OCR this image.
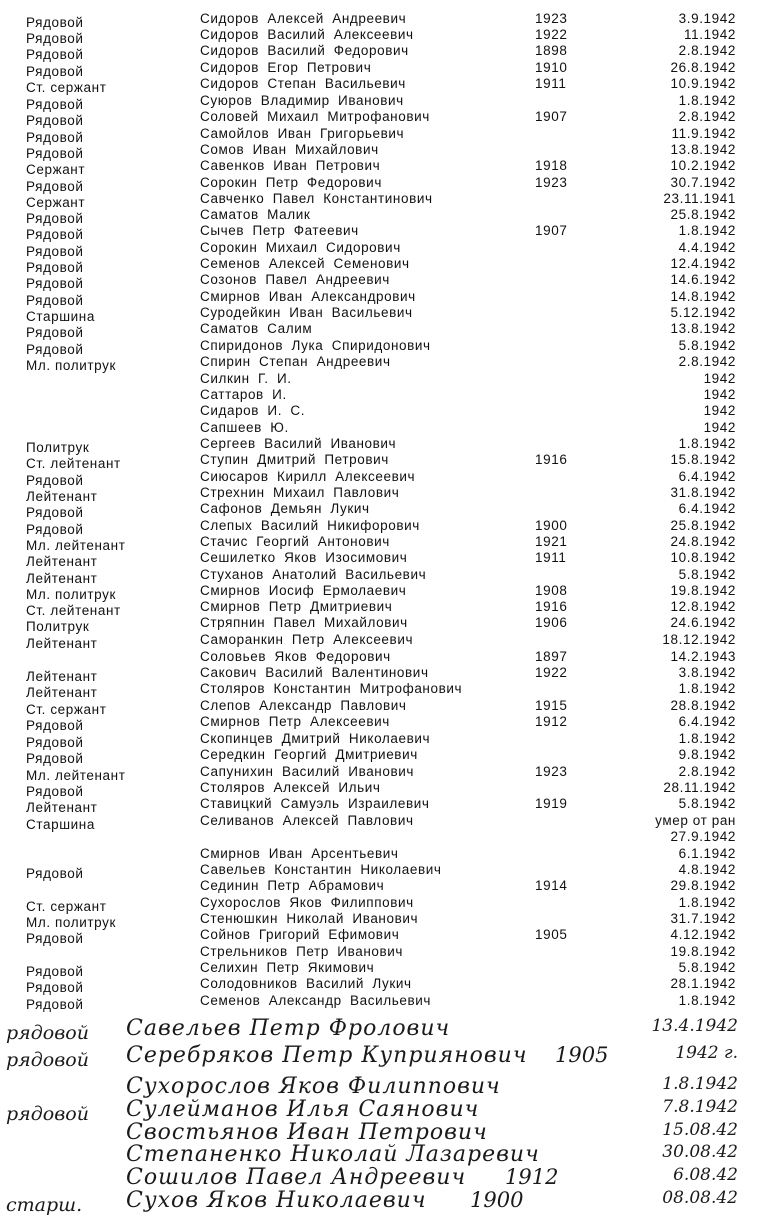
Рядовой	Сидоров Алексей Андреевич	1923	3.9.1942
Рядовой	Сидоров Василий Алексеевич	1922	11.1942
Рядовой	Сидоров Василий Федорович	1898	2.8.1942
Рядовой	Сидоров Егор Петрович	1910	26.8.1942
Ст. сержант	Сидоров Степан Васильевич	1911	10.9.1942
Рядовой	Суюров Владимир Иванович	1.8.1942
Рядовой	Соловей Михаил Митрофанович	1907	2.8.1942
Рядовой	Самойлов Иван Григорьевич	11.9.1942
Рядовой	Сомов Иван Михайлович	13.8.1942
Сержант	Савенков Иван Петрович	1918	10.2.1942
Рядовой	Сорокин Петр Федорович	1923	30.7.1942
Сержант	Савченко Павел Константинович	23.11.1941
Рядовой	Саматов Малик	25.8.1942
Рядовой	Сычев Петр Фатеевич	1907	1.8.1942
Рядовой	Сорокин Михаил Сидорович	4.4.1942
Рядовой	Семенов Алексей Семенович	12.4.1942
Рядовой	Созонов Павел Андреевич	14.6.1942
Рядовой	Смирнов Иван Александрович	14.8.1942
Старшина	Суродейкин Иван Васильевич	5.12.1942
Рядовой	Саматов Салим	13.8.1942
Рядовой	Спиридонов Лука Спиридонович	5.8.1942
Мл. политрук	Спирин Степан Андреевич	2.8.1942
Силкин Г. И.	1942
Саттаров И.	1942
Сидаров И. С.	1942
Сапшеев Ю.	1942
Политрук	Сергеев Василий Иванович	1.8.1942
Ст. лейтенант	Ступин Дмитрий Петрович	1916	15.8.1942
Рядовой	Сиюсаров Кирилл Алексеевич	6.4.1942
Лейтенант	Стрехнин Михаил Павлович	31.8.1942
Рядовой	Сафонов Демьян Лукич	6.4.1942
Рядовой	Слепых Василий Никифорович	1900	25.8.1942
Мл. лейтенант	Стачис Георгий Антонович	1921	24.8.1942
Лейтенант	Сешилетко Яков Изосимович	1911	10.8.1942
Лейтенант	Стуханов Анатолий Васильевич	5.8.1942
Мл. политрук	Смирнов Иосиф Ермолаевич	1908	19.8.1942
Ст. лейтенант	Смирнов Петр Дмитриевич	1916	12.8.1942
Политрук	Стряпнин Павел Михайлович	1906	24.6.1942
Лейтенант	Саморанкин Петр Алексеевич	18.12.1942
Соловьев Яков Федорович	1897	14.2.1943
Лейтенант	Сакович Василий Валентинович	1922	3.8.1942
Лейтенант	Столяров Константин Митрофанович	1.8.1942
Ст. сержант	Слепов Александр Павлович	1915	28.8.1942
Рядовой	Смирнов Петр Алексеевич	1912	6.4.1942
Рядовой	Скопинцев Дмитрий Николаевич	1.8.1942
Рядовой	Середкин Георгий Дмитриевич	9.8.1942
Мл. лейтенант	Сапунихин Василий Иванович	1923	2.8.1942
Рядовой	Столяров Алексей Ильич	28.11.1942
Лейтенант	Ставицкий Самуэль Израилевич	1919	5.8.1942
Старшина	Селиванов Алексей Павлович	умер от ран
27.9.1942
Смирнов Иван Арсентьевич	6.1.1942
Рядовой	Савельев Константин Николаевич	4.8.1942
Сединин Петр Абрамович	1914	29.8.1942
Ст. сержант	Сухорослов Яков Филиппович	1.8.1942
Мл. политрук	Стенюшкин Николай Иванович	31.7.1942
Рядовой	Сойнов Григорий Ефимович	1905	4.12.1942
Стрельников Петр Иванович	19.8.1942
Рядовой	Селихин Петр Якимович	5.8.1942
Рядовой	Солодовников Василий Лукич	28.1.1942
Рядовой	Семенов Александр Васильевич	1.8.1942
рядовой Савельев Петр Фролович	13.4.1942
рядовой Серебряков Петр Куприянович 1905	1942 г.
Сухорослов Яков Филиппович	1.8.1942
рядовой Сулейманов Илья Саянович	7.8.1942
Свостьянов Иван Петрович	15.08.42
Степаненко Николай Лазаревич	30.08.42
Сошилов Павел Андреевич 1912	6.08.42
старш. Сухов Яков Николаевич 1900	08.08.42
